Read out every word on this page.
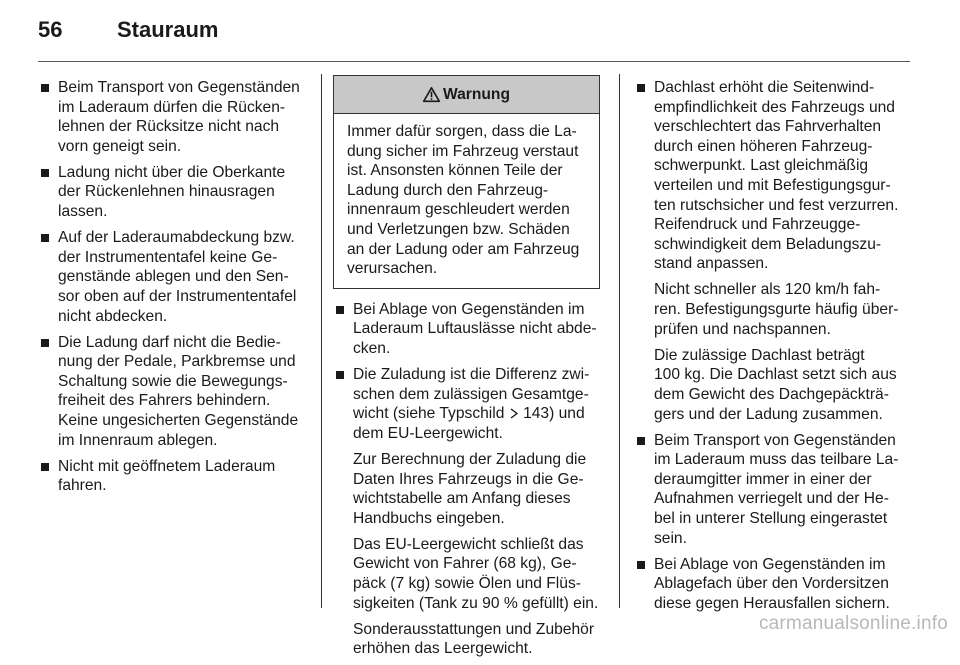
56 Stauraum
Beim Transport von Gegenständen
im Laderaum dürfen die Rücken-
lehnen der Rücksitze nicht nach
vorn geneigt sein.
Ladung nicht über die Oberkante
der Rückenlehnen hinausragen
lassen.
Auf der Laderaumabdeckung bzw.
der Instrumententafel keine Ge-
genstände ablegen und den Sen-
sor oben auf der Instrumententafel
nicht abdecken.
Die Ladung darf nicht die Bedie-
nung der Pedale, Parkbremse und
Schaltung sowie die Bewegungs-
freiheit des Fahrers behindern.
Keine ungesicherten Gegenstände
im Innenraum ablegen.
Nicht mit geöffnetem Laderaum
fahren.
Warnung
Immer dafür sorgen, dass die La-
dung sicher im Fahrzeug verstaut
ist. Ansonsten können Teile der
Ladung durch den Fahrzeug-
innenraum geschleudert werden
und Verletzungen bzw. Schäden
an der Ladung oder am Fahrzeug
verursachen.
Bei Ablage von Gegenständen im
Laderaum Luftauslässe nicht abde-
cken.
Die Zuladung ist die Differenz zwi-
schen dem zulässigen Gesamtge-
wicht (siehe Typschild  143) und
dem EU-Leergewicht.
Zur Berechnung der Zuladung die
Daten Ihres Fahrzeugs in die Ge-
wichtstabelle am Anfang dieses
Handbuchs eingeben.
Das EU-Leergewicht schließt das
Gewicht von Fahrer (68 kg), Ge-
päck (7 kg) sowie Ölen und Flüs-
sigkeiten (Tank zu 90 % gefüllt) ein.
Sonderausstattungen und Zubehör
erhöhen das Leergewicht.
Dachlast erhöht die Seitenwind-
empfindlichkeit des Fahrzeugs und
verschlechtert das Fahrverhalten
durch einen höheren Fahrzeug-
schwerpunkt. Last gleichmäßig
verteilen und mit Befestigungsgur-
ten rutschsicher und fest verzurren.
Reifendruck und Fahrzeugge-
schwindigkeit dem Beladungszu-
stand anpassen.
Nicht schneller als 120 km/h fah-
ren. Befestigungsgurte häufig über-
prüfen und nachspannen.
Die zulässige Dachlast beträgt
100 kg. Die Dachlast setzt sich aus
dem Gewicht des Dachgepäckträ-
gers und der Ladung zusammen.
Beim Transport von Gegenständen
im Laderaum muss das teilbare La-
deraumgitter immer in einer der
Aufnahmen verriegelt und der He-
bel in unterer Stellung eingerastet
sein.
Bei Ablage von Gegenständen im
Ablagefach über den Vordersitzen
diese gegen Herausfallen sichern.
carmanualsonline.info
